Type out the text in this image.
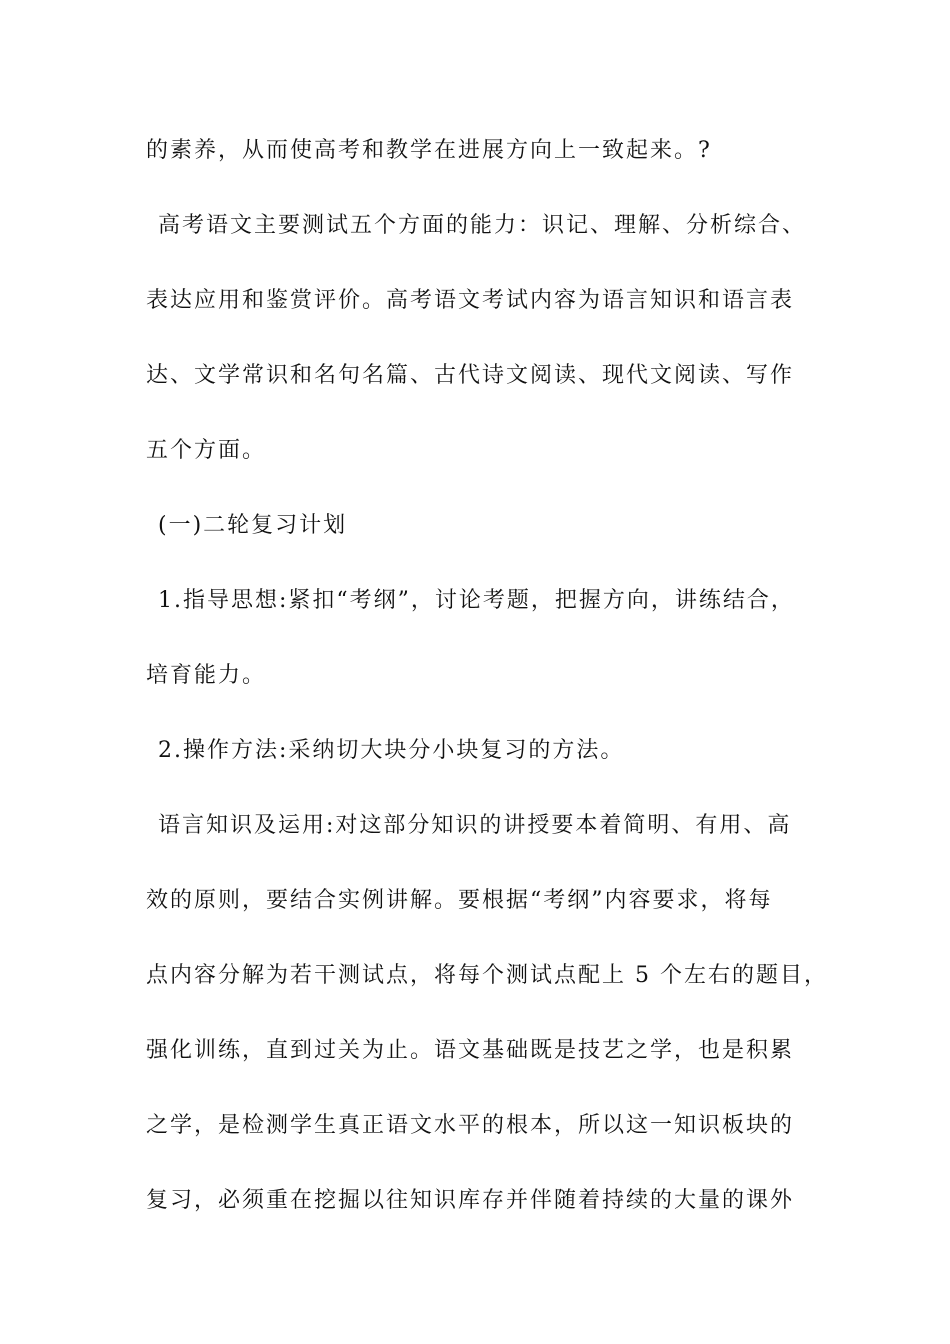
的素养，从而使高考和教学在进展方向上一致起来。?
高考语文主要测试五个方面的能力：识记、理解、分析综合、
表达应用和鉴赏评价。高考语文考试内容为语言知识和语言表
达、文学常识和名句名篇、古代诗文阅读、现代文阅读、写作
五个方面。
(一)二轮复习计划
1.指导思想:紧扣“考纲”，讨论考题，把握方向，讲练结合，
培育能力。
2.操作方法:采纳切大块分小块复习的方法。
语言知识及运用:对这部分知识的讲授要本着简明、有用、高
效的原则，要结合实例讲解。要根据“考纲”内容要求，将每
点内容分解为若干测试点，将每个测试点配上 5 个左右的题目，
强化训练，直到过关为止。语文基础既是技艺之学，也是积累
之学，是检测学生真正语文水平的根本，所以这一知识板块的
复习，必须重在挖掘以往知识库存并伴随着持续的大量的课外
